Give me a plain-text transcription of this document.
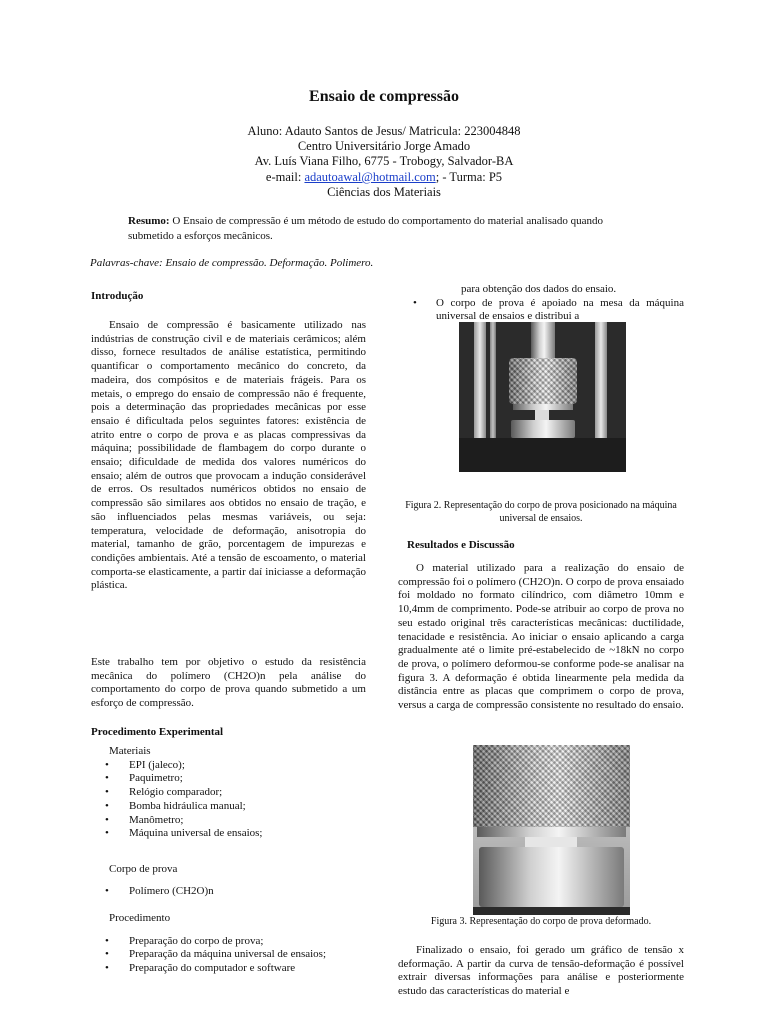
Ensaio de compressão
Aluno: Adauto Santos de Jesus/ Matricula: 223004848
Centro Universitário Jorge Amado
Av. Luís Viana Filho, 6775 - Trobogy, Salvador-BA
e-mail: adautoawal@hotmail.com; - Turma: P5
Ciências dos Materiais
Resumo: O Ensaio de compressão é um método de estudo do comportamento do material analisado quando submetido a esforços mecânicos.
Palavras-chave: Ensaio de compressão. Deformação. Polimero.
Introdução

Ensaio de compressão é basicamente utilizado nas indústrias de construção civil e de materiais cerâmicos; além disso, fornece resultados de análise estatística, permitindo quantificar o comportamento mecânico do concreto, da madeira, dos compósitos e de materiais frágeis. Para os metais, o emprego do ensaio de compressão não é frequente, pois a determinação das propriedades mecânicas por esse ensaio é dificultada pelos seguintes fatores: existência de atrito entre o corpo de prova e as placas compressivas da máquina; possibilidade de flambagem do corpo durante o ensaio; dificuldade de medida dos valores numéricos do ensaio; além de outros que provocam a indução considerável de erros. Os resultados numéricos obtidos no ensaio de compressão são similares aos obtidos no ensaio de tração, e são influenciados pelas mesmas variáveis, ou seja: temperatura, velocidade de deformação, anisotropia do material, tamanho de grão, porcentagem de impurezas e condições ambientais. Até a tensão de escoamento, o material comporta-se elasticamente, a partir daí iniciasse a deformação plástica.

Este trabalho tem por objetivo o estudo da resistência mecânica do polímero (CH2O)n pela análise do comportamento do corpo de prova quando submetido a um esforço de compressão.

Procedimento Experimental
Materiais
• EPI (jaleco);
• Paquimetro;
• Relógio comparador;
• Bomba hidráulica manual;
• Manômetro;
• Máquina universal de ensaios;
Corpo de prova
• Polímero (CH2O)n
Procedimento
• Preparação do corpo de prova;
• Preparação da máquina universal de ensaios;
• Preparação do computador e software
para obtenção dos dados do ensaio.
• O corpo de prova é apoiado na mesa da máquina universal de ensaios e distribui a
Figura 2. Representação do corpo de prova posicionado na máquina universal de ensaios.
Resultados e Discussão

O material utilizado para a realização do ensaio de compressão foi o polímero (CH2O)n. O corpo de prova ensaiado foi moldado no formato cilíndrico, com diâmetro 10mm e 10,4mm de comprimento. Pode-se atribuir ao corpo de prova no seu estado original três características mecânicas: ductilidade, tenacidade e resistência. Ao iniciar o ensaio aplicando a carga gradualmente até o limite pré-estabelecido de ~18kN no corpo de prova, o polímero deformou-se conforme pode-se analisar na figura 3. A deformação é obtida linearmente pela medida da distância entre as placas que comprimem o corpo de prova, versus a carga de compressão consistente no resultado do ensaio.

Figura 3. Representação do corpo de prova deformado.

Finalizado o ensaio, foi gerado um gráfico de tensão x deformação. A partir da curva de tensão-deformação é possível extrair diversas informações para análise e posteriormente estudo das características do material e
